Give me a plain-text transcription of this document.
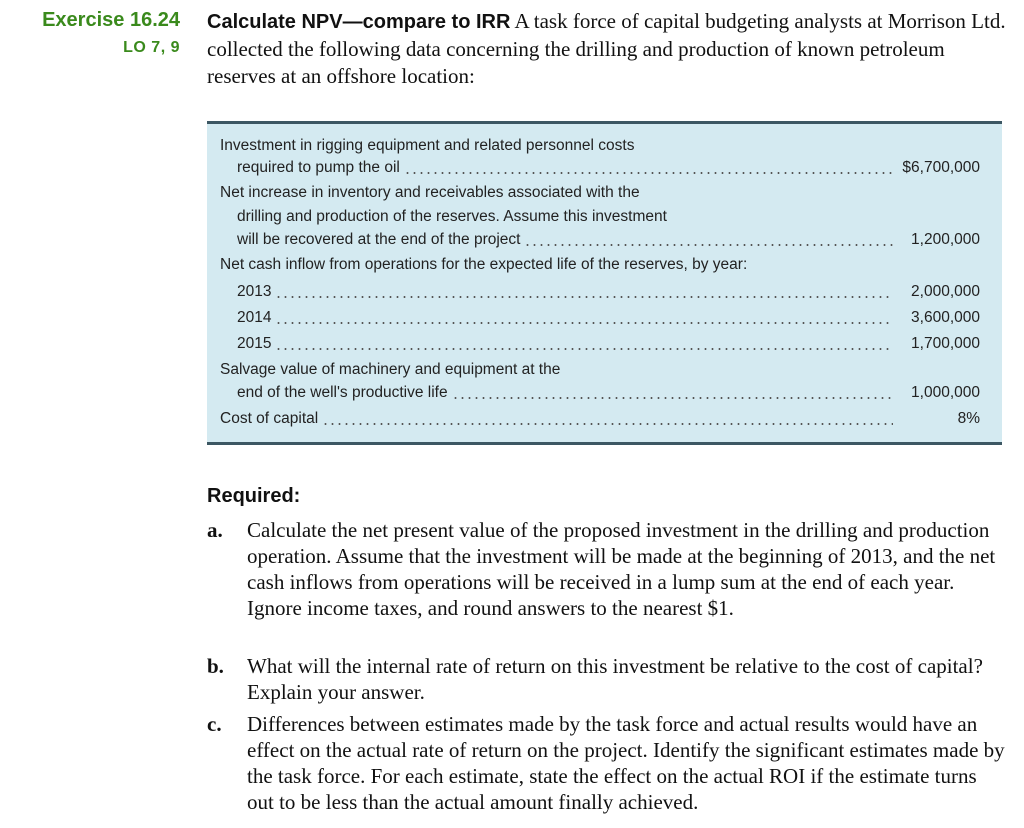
Exercise 16.24
LO 7, 9

Calculate NPV—compare to IRR A task force of capital budgeting analysts at Morrison Ltd. collected the following data concerning the drilling and production of known petroleum reserves at an offshore location:

Investment in rigging equipment and related personnel costs
required to pump the oil	$6,700,000
Net increase in inventory and receivables associated with the
drilling and production of the reserves. Assume this investment
will be recovered at the end of the project	1,200,000
Net cash inflow from operations for the expected life of the reserves, by year:
2013	2,000,000
2014	3,600,000
2015	1,700,000
Salvage value of machinery and equipment at the
end of the well's productive life	1,000,000
Cost of capital	8%
Required:
a.	Calculate the net present value of the proposed investment in the drilling and production operation. Assume that the investment will be made at the beginning of 2013, and the net cash inflows from operations will be received in a lump sum at the end of each year. Ignore income taxes, and round answers to the nearest $1.
b.	What will the internal rate of return on this investment be relative to the cost of capital? Explain your answer.
c.	Differences between estimates made by the task force and actual results would have an effect on the actual rate of return on the project. Identify the significant estimates made by the task force. For each estimate, state the effect on the actual ROI if the estimate turns out to be less than the actual amount finally achieved.
